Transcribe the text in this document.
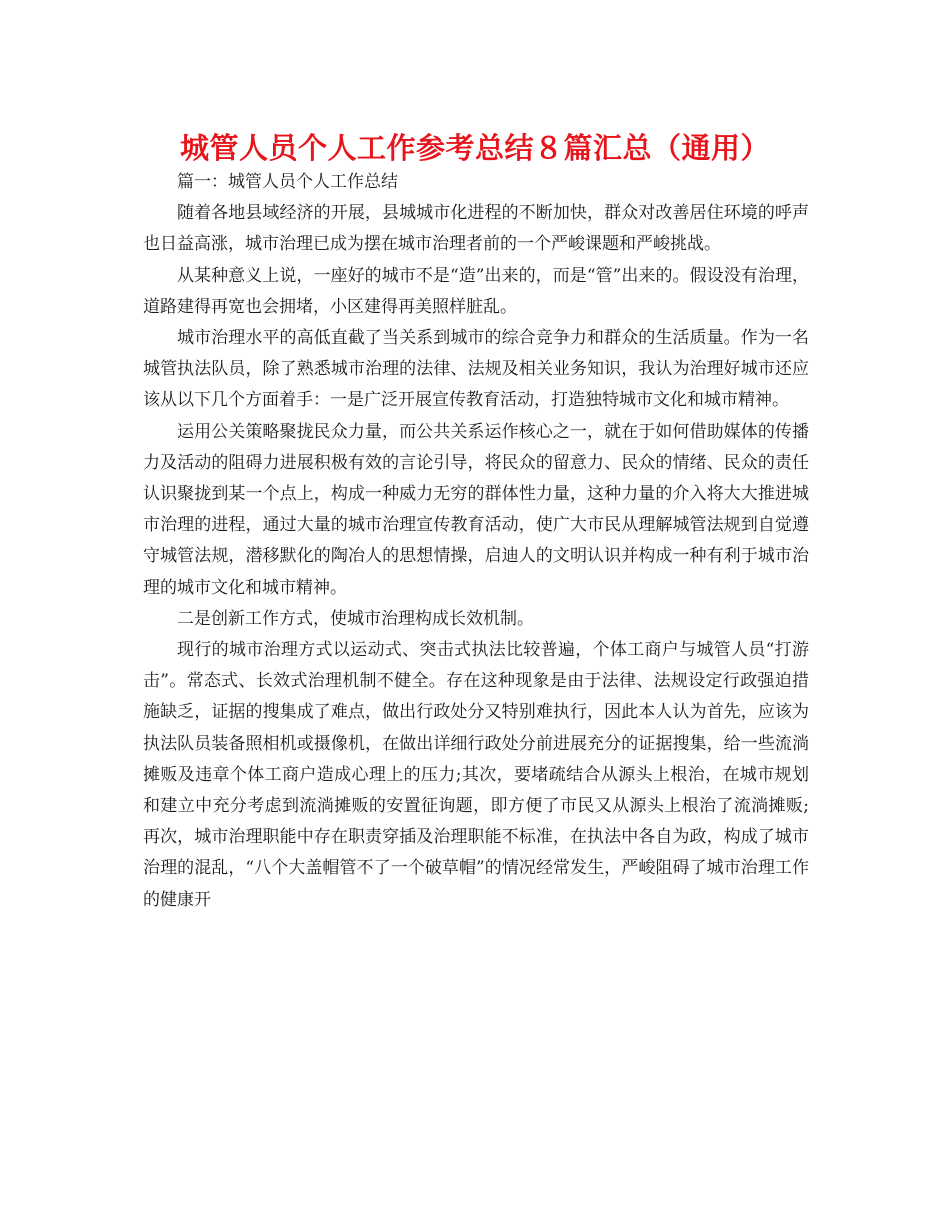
城管人员个人工作参考总结８篇汇总（通用）

篇一：城管人员个人工作总结

随着各地县域经济的开展，县城城市化进程的不断加快，群众对改善居住环境的呼声也日益高涨，城市治理已成为摆在城市治理者前的一个严峻课题和严峻挑战。

从某种意义上说，一座好的城市不是“造”出来的，而是“管”出来的。假设没有治理，道路建得再宽也会拥堵，小区建得再美照样脏乱。

城市治理水平的高低直截了当关系到城市的综合竞争力和群众的生活质量。作为一名城管执法队员，除了熟悉城市治理的法律、法规及相关业务知识，我认为治理好城市还应该从以下几个方面着手：一是广泛开展宣传教育活动，打造独特城市文化和城市精神。

运用公关策略聚拢民众力量，而公共关系运作核心之一，就在于如何借助媒体的传播力及活动的阻碍力进展积极有效的言论引导，将民众的留意力、民众的情绪、民众的责任认识聚拢到某一个点上，构成一种威力无穷的群体性力量，这种力量的介入将大大推进城市治理的进程，通过大量的城市治理宣传教育活动，使广大市民从理解城管法规到自觉遵守城管法规，潜移默化的陶冶人的思想情操，启迪人的文明认识并构成一种有利于城市治理的城市文化和城市精神。

二是创新工作方式，使城市治理构成长效机制。

现行的城市治理方式以运动式、突击式执法比较普遍，个体工商户与城管人员“打游击”。常态式、长效式治理机制不健全。存在这种现象是由于法律、法规设定行政强迫措施缺乏，证据的搜集成了难点，做出行政处分又特别难执行，因此本人认为首先，应该为执法队员装备照相机或摄像机，在做出详细行政处分前进展充分的证据搜集，给一些流淌摊贩及违章个体工商户造成心理上的压力;其次，要堵疏结合从源头上根治，在城市规划和建立中充分考虑到流淌摊贩的安置征询题，即方便了市民又从源头上根治了流淌摊贩;再次，城市治理职能中存在职责穿插及治理职能不标准，在执法中各自为政，构成了城市治理的混乱，“八个大盖帽管不了一个破草帽”的情况经常发生，严峻阻碍了城市治理工作的健康开
